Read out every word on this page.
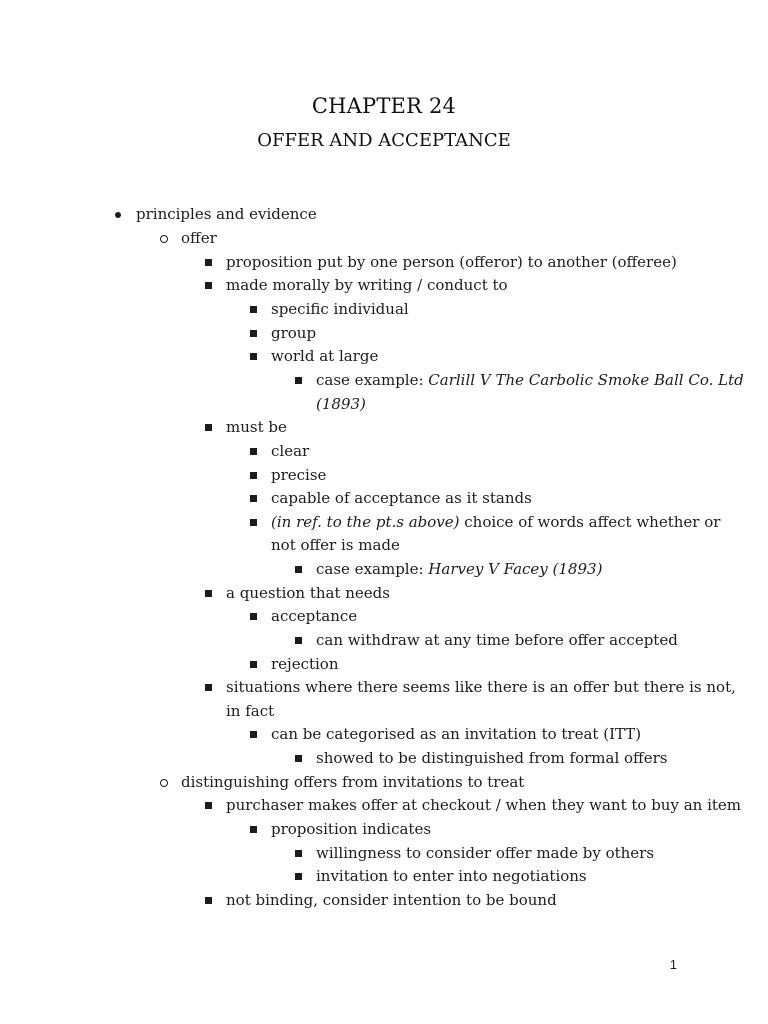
CHAPTER 24
OFFER AND ACCEPTANCE
principles and evidence
offer
proposition put by one person (offeror) to another (offeree)
made morally by writing / conduct to
specific individual
group
world at large
case example: Carlill V The Carbolic Smoke Ball Co. Ltd
(1893)
must be
clear
precise
capable of acceptance as it stands
(in ref. to the pt.s above) choice of words affect whether or
not offer is made
case example: Harvey V Facey (1893)
a question that needs
acceptance
can withdraw at any time before offer accepted
rejection
situations where there seems like there is an offer but there is not,
in fact
can be categorised as an invitation to treat (ITT)
showed to be distinguished from formal offers
distinguishing offers from invitations to treat
purchaser makes offer at checkout / when they want to buy an item
proposition indicates
willingness to consider offer made by others
invitation to enter into negotiations
not binding, consider intention to be bound
1
